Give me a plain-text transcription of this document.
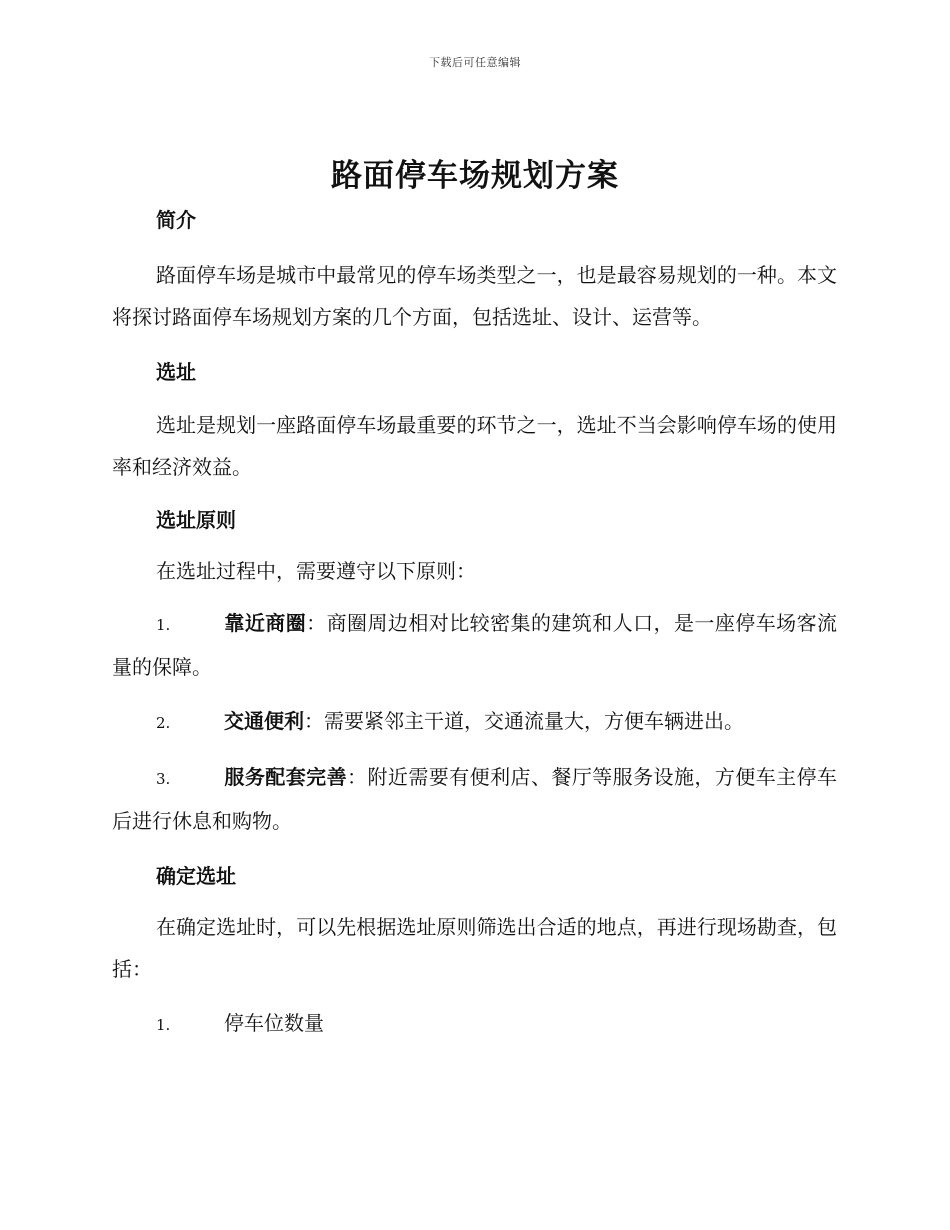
下载后可任意编辑
路面停车场规划方案

简介

路面停车场是城市中最常见的停车场类型之一，也是最容易规划的一种。本文将探讨路面停车场规划方案的几个方面，包括选址、设计、运营等。

选址

选址是规划一座路面停车场最重要的环节之一，选址不当会影响停车场的使用率和经济效益。

选址原则

在选址过程中，需要遵守以下原则：

1.	靠近商圈：商圈周边相对比较密集的建筑和人口，是一座停车场客流量的保障。

2.	交通便利：需要紧邻主干道，交通流量大，方便车辆进出。

3.	服务配套完善：附近需要有便利店、餐厅等服务设施，方便车主停车后进行休息和购物。

确定选址

在确定选址时，可以先根据选址原则筛选出合适的地点，再进行现场勘查，包括：

1.	停车位数量
